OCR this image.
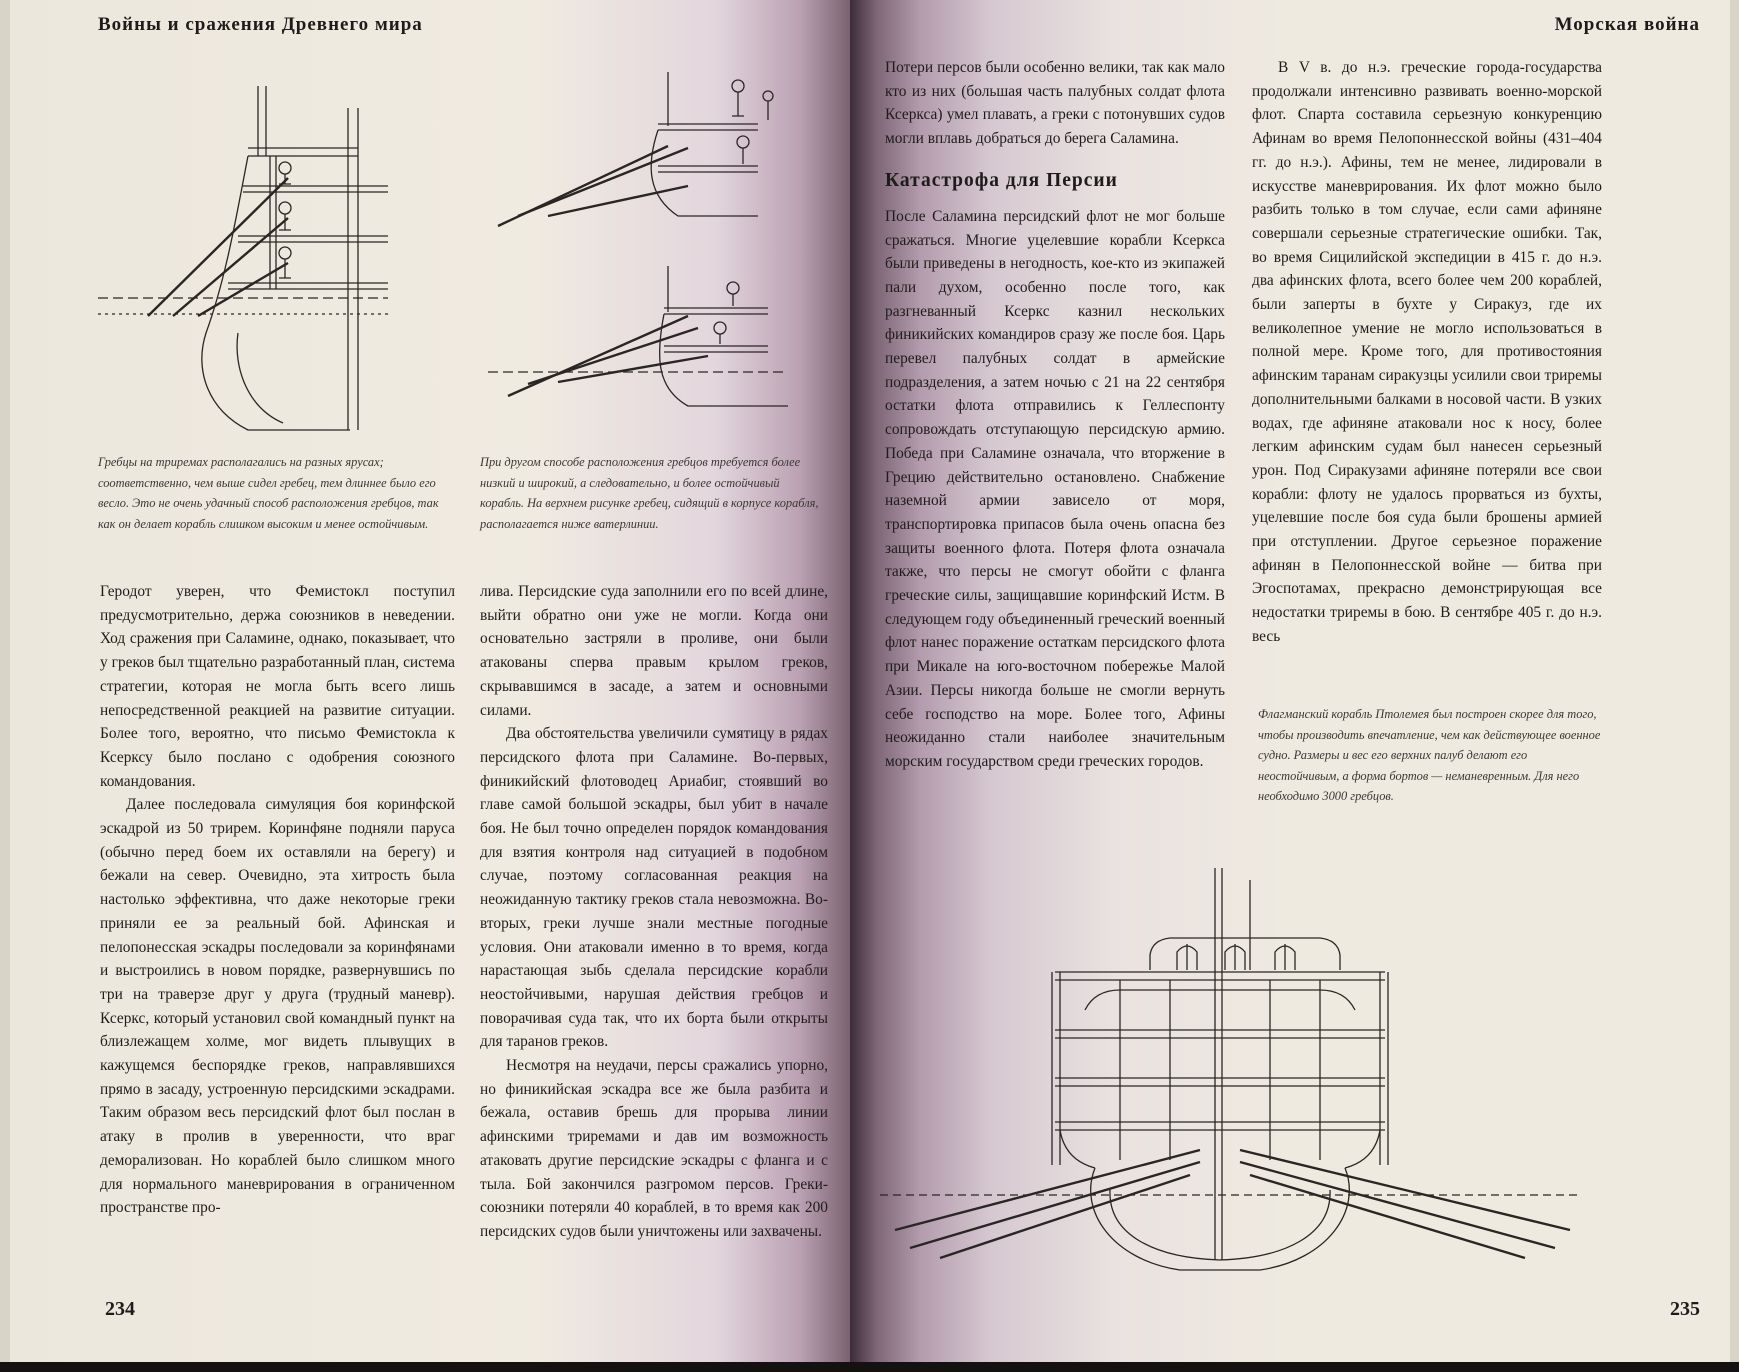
Войны и сражения Древнего мира
Гребцы на триремах располагались на разных ярусах; соответственно, чем выше сидел гребец, тем длиннее было его весло. Это не очень удачный способ расположения гребцов, так как он делает корабль слишком высоким и менее остойчивым.
При другом способе расположения гребцов требуется более низкий и широкий, а следовательно, и более остойчивый корабль. На верхнем рисунке гребец, сидящий в корпусе корабля, располагается ниже ватерлинии.

Геродот уверен, что Фемистокл поступил предусмотрительно, держа союзников в неведении. Ход сражения при Саламине, однако, показывает, что у греков был тщательно разработанный план, система стратегии, которая не могла быть всего лишь непосредственной реакцией на развитие ситуации. Более того, вероятно, что письмо Фемистокла к Ксерксу было послано с одобрения союзного командования.

Далее последовала симуляция боя коринфской эскадрой из 50 трирем. Коринфяне подняли паруса (обычно перед боем их оставляли на берегу) и бежали на север. Очевидно, эта хитрость была настолько эффективна, что даже некоторые греки приняли ее за реальный бой. Афинская и пелопонесская эскадры последовали за коринфянами и выстроились в новом порядке, развернувшись по три на траверзе друг у друга (трудный маневр). Ксеркс, который установил свой командный пункт на близлежащем холме, мог видеть плывущих в кажущемся беспорядке греков, направлявшихся прямо в засаду, устроенную персидскими эскадрами. Таким образом весь персидский флот был послан в атаку в пролив в уверенности, что враг деморализован. Но кораблей было слишком много для нормального маневрирования в ограниченном пространстве про-

лива. Персидские суда заполнили его по всей длине, выйти обратно они уже не могли. Когда они основательно застряли в проливе, они были атакованы сперва правым крылом греков, скрывавшимся в засаде, а затем и основными силами.

Два обстоятельства увеличили сумятицу в рядах персидского флота при Саламине. Во-первых, финикийский флотоводец Ариабиг, стоявший во главе самой большой эскадры, был убит в начале боя. Не был точно определен порядок командования для взятия контроля над ситуацией в подобном случае, поэтому согласованная реакция на неожиданную тактику греков стала невозможна. Во-вторых, греки лучше знали местные погодные условия. Они атаковали именно в то время, когда нарастающая зыбь сделала персидские корабли неостойчивыми, нарушая действия гребцов и поворачивая суда так, что их борта были открыты для таранов греков.

Несмотря на неудачи, персы сражались упорно, но финикийская эскадра все же была разбита и бежала, оставив брешь для прорыва линии афинскими триремами и дав им возможность атаковать другие персидские эскадры с фланга и с тыла. Бой закончился разгромом персов. Греки-союзники потеряли 40 кораблей, в то время как 200 персидских судов были уничтожены или захвачены.

234
Морская война

Потери персов были особенно велики, так как мало кто из них (большая часть палубных солдат флота Ксеркса) умел плавать, а греки с потонувших судов могли вплавь добраться до берега Саламина.

Катастрофа для Персии

После Саламина персидский флот не мог больше сражаться. Многие уцелевшие корабли Ксеркса были приведены в негодность, кое-кто из экипажей пали духом, особенно после того, как разгневанный Ксеркс казнил нескольких финикийских командиров сразу же после боя. Царь перевел палубных солдат в армейские подразделения, а затем ночью с 21 на 22 сентября остатки флота отправились к Геллеспонту сопровождать отступающую персидскую армию. Победа при Саламине означала, что вторжение в Грецию действительно остановлено. Снабжение наземной армии зависело от моря, транспортировка припасов была очень опасна без защиты военного флота. Потеря флота означала также, что персы не смогут обойти с фланга греческие силы, защищавшие коринфский Истм. В следующем году объединенный греческий военный флот нанес поражение остаткам персидского флота при Микале на юго-восточном побережье Малой Азии. Персы никогда больше не смогли вернуть себе господство на море. Более того, Афины неожиданно стали наиболее значительным морским государством среди греческих городов.

В V в. до н.э. греческие города-государства продолжали интенсивно развивать военно-морской флот. Спарта составила серьезную конкуренцию Афинам во время Пелопоннесской войны (431–404 гг. до н.э.). Афины, тем не менее, лидировали в искусстве маневрирования. Их флот можно было разбить только в том случае, если сами афиняне совершали серьезные стратегические ошибки. Так, во время Сицилийской экспедиции в 415 г. до н.э. два афинских флота, всего более чем 200 кораблей, были заперты в бухте у Сиракуз, где их великолепное умение не могло использоваться в полной мере. Кроме того, для противостояния афинским таранам сиракузцы усилили свои триремы дополнительными балками в носовой части. В узких водах, где афиняне атаковали нос к носу, более легким афинским судам был нанесен серьезный урон. Под Сиракузами афиняне потеряли все свои корабли: флоту не удалось прорваться из бухты, уцелевшие после боя суда были брошены армией при отступлении. Другое серьезное поражение афинян в Пелопоннесской войне — битва при Эгоспотамах, прекрасно демонстрирующая все недостатки триремы в бою. В сентябре 405 г. до н.э. весь

Флагманский корабль Птолемея был построен скорее для того, чтобы производить впечатление, чем как действующее военное судно. Размеры и вес его верхних палуб делают его неостойчивым, а форма бортов — неманевренным. Для него необходимо 3000 гребцов.
235
